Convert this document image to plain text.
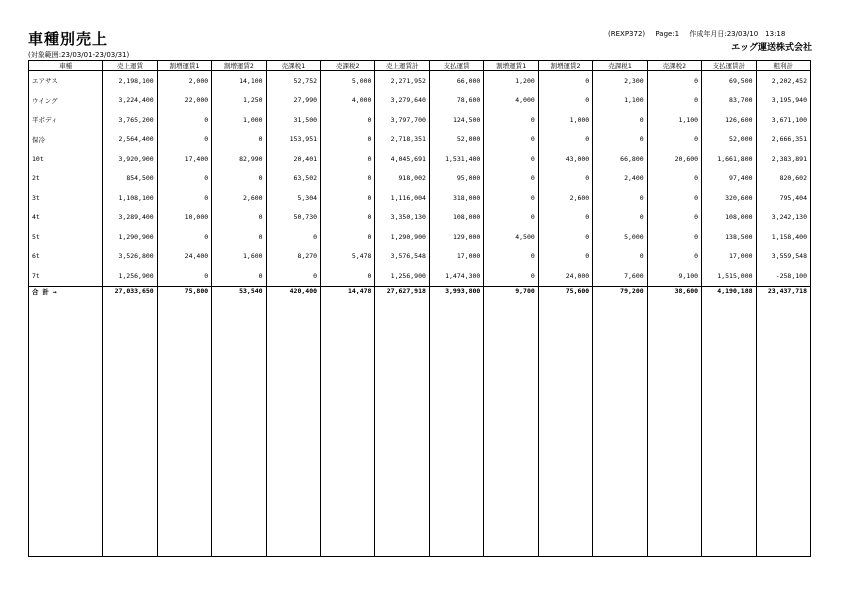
車種別売上
(対象範囲:23/03/01-23/03/31)
(REXP372) Page:1 作成年月日:23/03/10　13:18
エッグ運送株式会社
車種	売上運賃	割増運賃1	割増運賃2	売課税1	売課税2	売上運賃計	支払運賃	割増運賃1	割増運賃2	売課税1	売課税2	支払運賃計	粗利計
エアサス	2,198,100	2,000	14,100	52,752	5,000	2,271,952	66,000	1,200	0	2,300	0	69,500	2,202,452
ウイング	3,224,400	22,000	1,250	27,990	4,000	3,279,640	78,600	4,000	0	1,100	0	83,700	3,195,940
平ボディ	3,765,200	0	1,000	31,500	0	3,797,700	124,500	0	1,000	0	1,100	126,600	3,671,100
保冷	2,564,400	0	0	153,951	0	2,718,351	52,000	0	0	0	0	52,000	2,666,351
10t	3,920,900	17,400	82,990	20,401	0	4,045,691	1,531,400	0	43,000	66,800	20,600	1,661,800	2,383,891
2t	854,500	0	0	63,502	0	918,002	95,000	0	0	2,400	0	97,400	820,602
3t	1,108,100	0	2,600	5,304	0	1,116,004	318,000	0	2,600	0	0	320,600	795,404
4t	3,289,400	10,000	0	50,730	0	3,350,130	108,000	0	0	0	0	108,000	3,242,130
5t	1,290,900	0	0	0	0	1,290,900	129,000	4,500	0	5,000	0	138,500	1,158,400
6t	3,526,800	24,400	1,600	8,270	5,478	3,576,548	17,000	0	0	0	0	17,000	3,559,548
7t	1,256,900	0	0	0	0	1,256,900	1,474,300	0	24,000	7,600	9,100	1,515,000	-258,100
合 計 →	27,033,650	75,800	53,540	420,400	14,478	27,627,918	3,993,800	9,700	75,600	79,200	38,600	4,190,188	23,437,718
